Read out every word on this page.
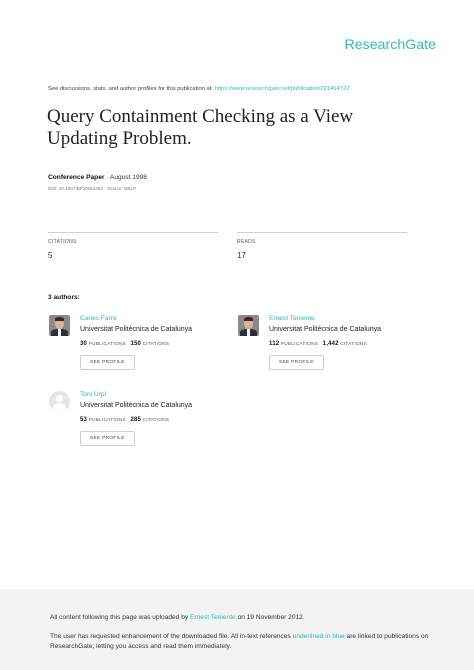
ResearchGate
See discussions, stats, and author profiles for this publication at: https://www.researchgate.net/publication/221464722
Query Containment Checking as a View Updating Problem.
Conference Paper · August 1998
DOI: 10.1007/BFb0054482 · Source: DBLP
CITATIONS
5
READS
17
3 authors:
Carles Farré
Universitat Politècnica de Catalunya
30 PUBLICATIONS 150 CITATIONS
SEE PROFILE
Ernest Teniente
Universitat Politècnica de Catalunya
112 PUBLICATIONS 1,442 CITATIONS
SEE PROFILE
Toni Urpí
Universitat Politècnica de Catalunya
53 PUBLICATIONS 285 CITATIONS
SEE PROFILE

All content following this page was uploaded by Ernest Teniente on 19 November 2012.

The user has requested enhancement of the downloaded file. All in-text references underlined in blue are linked to publications on ResearchGate, letting you access and read them immediately.
